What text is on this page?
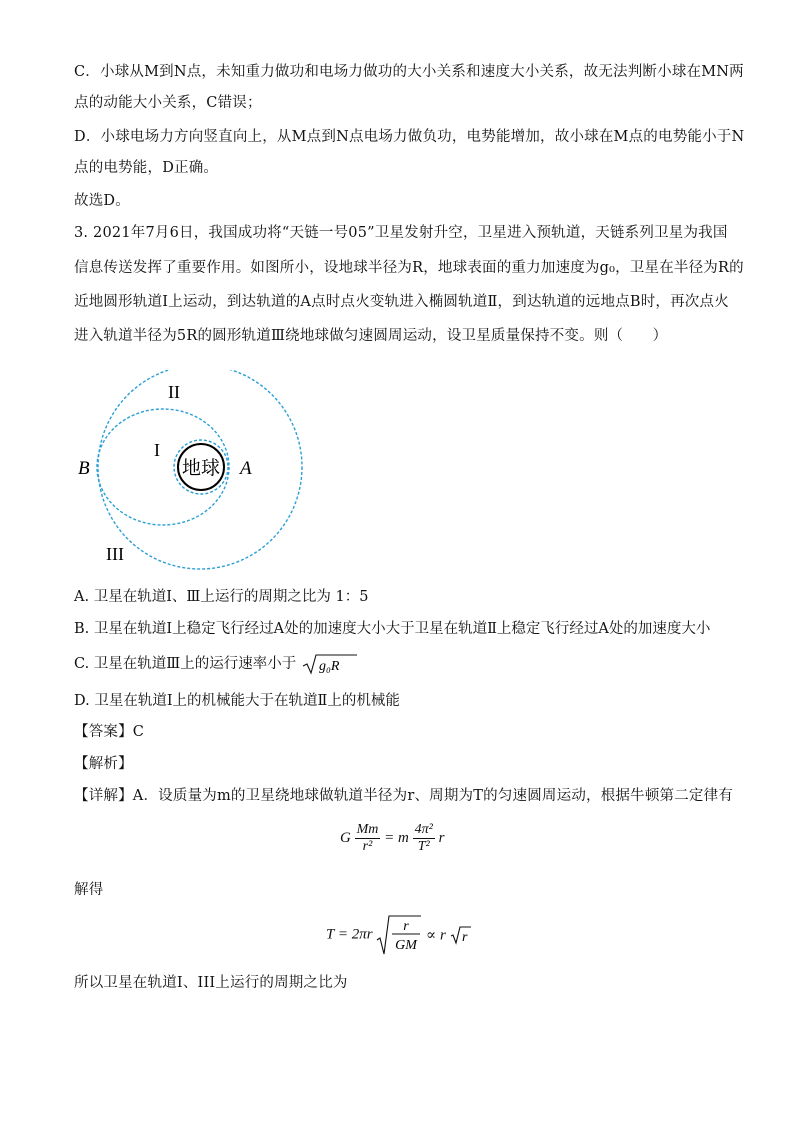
C．小球从M到N点，未知重力做功和电场力做功的大小关系和速度大小关系，故无法判断小球在MN两
点的动能大小关系，C错误；
D．小球电场力方向竖直向上，从M点到N点电场力做负功，电势能增加，故小球在M点的电势能小于N
点的电势能，D正确。
故选D。
3. 2021年7月6日，我国成功将“天链一号05”卫星发射升空，卫星进入预轨道，天链系列卫星为我国
信息传送发挥了重要作用。如图所小，设地球半径为R，地球表面的重力加速度为g₀，卫星在半径为R的
近地圆形轨道Ⅰ上运动，到达轨道的A点时点火变轨进入椭圆轨道Ⅱ，到达轨道的远地点B时，再次点火
进入轨道半径为5R的圆形轨道Ⅲ绕地球做匀速圆周运动，设卫星质量保持不变。则（　　）
地球 A
B
I
II
III
A. 卫星在轨道Ⅰ、Ⅲ上运行的周期之比为 1：5
B. 卫星在轨道Ⅰ上稳定飞行经过A处的加速度大小大于卫星在轨道Ⅱ上稳定飞行经过A处的加速度大小
C. 卫星在轨道Ⅲ上的运行速率小于 g₀R
D. 卫星在轨道Ⅰ上的机械能大于在轨道Ⅱ上的机械能
【答案】C
【解析】
【详解】A．设质量为m的卫星绕地球做轨道半径为r、周期为T的匀速圆周运动，根据牛顿第二定律有
G $\frac{Mm}{\text{r²}} = m \frac{\text{4π²}}{\text{T²}}$ r
解得
T = 2πr r
GM
∝ r r
所以卫星在轨道I、III上运行的周期之比为
